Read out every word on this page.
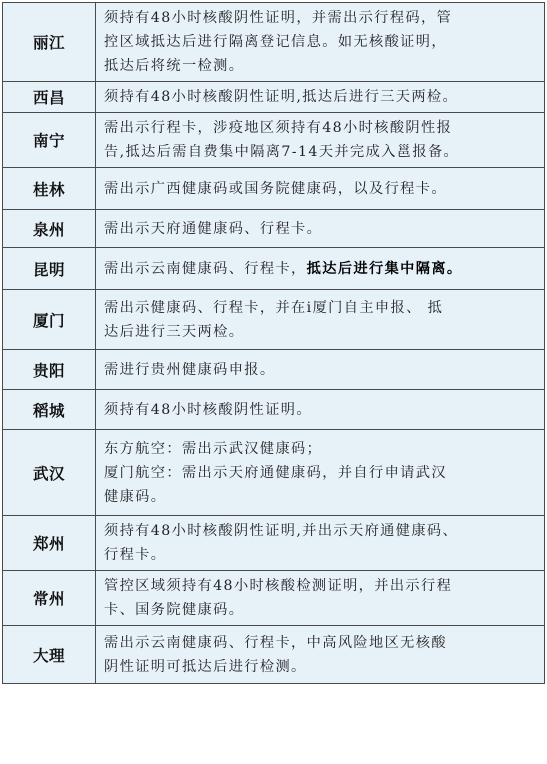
丽江	须持有48小时核酸阴性证明，并需出示行程码，管
控区域抵达后进行隔离登记信息。如无核酸证明，
抵达后将统一检测。

西昌	须持有48小时核酸阴性证明,抵达后进行三天两检。

南宁	需出示行程卡，涉疫地区须持有48小时核酸阴性报
告,抵达后需自费集中隔离7-14天并完成入邕报备。

桂林	需出示广西健康码或国务院健康码，以及行程卡。

泉州	需出示天府通健康码、行程卡。

昆明	需出示云南健康码、行程卡，抵达后进行集中隔离。

厦门	需出示健康码、行程卡，并在i厦门自主申报、 抵
达后进行三天两检。

贵阳	需进行贵州健康码申报。

稻城	须持有48小时核酸阴性证明。

武汉	东方航空：需出示武汉健康码；
厦门航空：需出示天府通健康码，并自行申请武汉
健康码。

郑州	须持有48小时核酸阴性证明,并出示天府通健康码、
行程卡。

常州	管控区域须持有48小时核酸检测证明，并出示行程
卡、国务院健康码。

大理	需出示云南健康码、行程卡，中高风险地区无核酸
阴性证明可抵达后进行检测。
